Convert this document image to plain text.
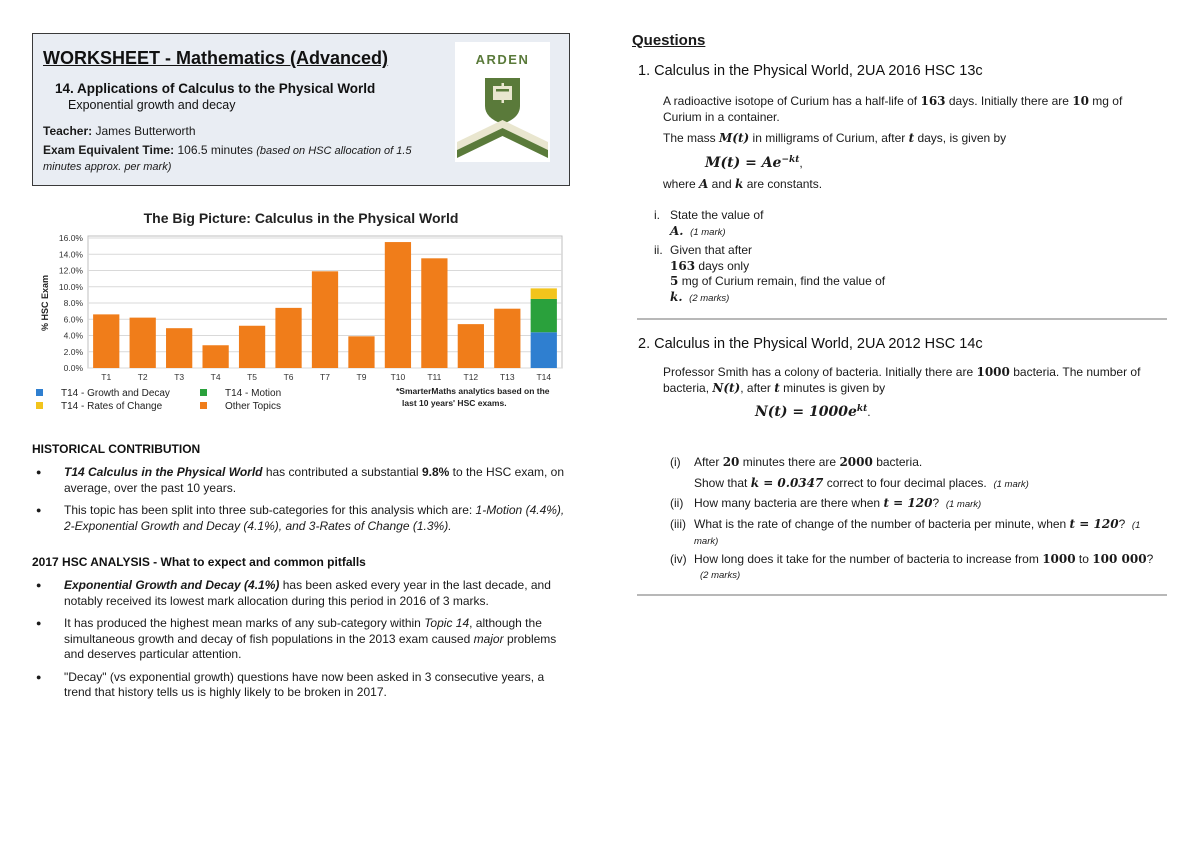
WORKSHEET - Mathematics (Advanced)
14. Applications of Calculus to the Physical World
Exponential growth and decay
Teacher: James Butterworth
Exam Equivalent Time: 106.5 minutes (based on HSC allocation of 1.5 minutes approx. per mark)
ARDEN
The Big Picture: Calculus in the Physical World
0.0%
2.0%
4.0%
6.0%
8.0%
10.0%
12.0%
14.0%
16.0%
% HSC Exam
T1	T2	T3	T4	T5	T6	T7	T9	T10	T11	T12	T13	T14
T14 - Growth and Decay	T14 - Motion
T14 - Rates of Change	Other Topics
*SmarterMaths analytics based on the
last 10 years' HSC exams.
HISTORICAL CONTRIBUTION
● T14 Calculus in the Physical World has contributed a substantial 9.8% to the HSC exam, on average, over the past 10 years.
● This topic has been split into three sub-categories for this analysis which are: 1-Motion (4.4%), 2-Exponential Growth and Decay (4.1%), and 3-Rates of Change (1.3%).
2017 HSC ANALYSIS - What to expect and common pitfalls
● Exponential Growth and Decay (4.1%) has been asked every year in the last decade, and notably received its lowest mark allocation during this period in 2016 of 3 marks.
● It has produced the highest mean marks of any sub-category within Topic 14, although the simultaneous growth and decay of fish populations in the 2013 exam caused major problems and deserves particular attention.
● "Decay" (vs exponential growth) questions have now been asked in 3 consecutive years, a trend that history tells us is highly likely to be broken in 2017.
Questions
1. Calculus in the Physical World, 2UA 2016 HSC 13c

A radioactive isotope of Curium has a half-life of 163 days. Initially there are 10 mg of Curium in a container.

The mass M(t) in milligrams of Curium, after t days, is given by

$M(t) = Ae^{-kt}$,

where A and k are constants.

i. State the value of
A. (1 mark)
ii. Given that after
163 days only
5 mg of Curium remain, find the value of
k. (2 marks)
2. Calculus in the Physical World, 2UA 2012 HSC 14c

Professor Smith has a colony of bacteria. Initially there are 1000 bacteria. The number of bacteria, N(t), after t minutes is given by

$N(t) = 1000e^{kt}$.

(i) After 20 minutes there are 2000 bacteria.
Show that k = 0.0347 correct to four decimal places. (1 mark)
(ii) How many bacteria are there when t = 120? (1 mark)
(iii) What is the rate of change of the number of bacteria per minute, when t = 120? (1 mark)
(iv) How long does it take for the number of bacteria to increase from 1000 to 100 000?
(2 marks)
